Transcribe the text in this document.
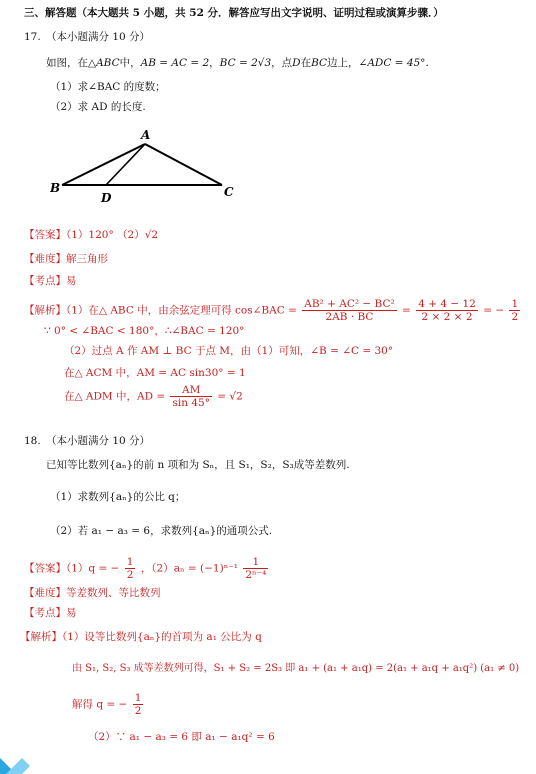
三、解答题（本大题共 5 小题，共 52 分．解答应写出文字说明、证明过程或演算步骤．）
17. （本小题满分 10 分）
如图，在△ABC中，AB = AC = 2，BC = 2√3，点D在BC边上，∠ADC = 45°．
（1）求∠BAC 的度数；
（2）求 AD 的长度.
A
B	C
D
【答案】（1）120° （2）√2
【难度】解三角形
【考点】易
【解析】（1）在△ ABC 中，由余弦定理可得 cos∠BAC = $\frac{\text{AB² + AC² − BC²}}{2AB \cdot BC} = \frac{4 + 4 - 12}{2 \times 2 \times 2}$ = − $\frac{1}{2}$
∵ 0° < ∠BAC < 180°，∴∠BAC = 120°
（2）过点 A 作 AM ⊥ BC 于点 M，由（1）可知，∠B = ∠C = 30°
在△ ACM 中，AM = AC sin30° = 1
在△ ADM 中，AD = $\frac{AM}{\sin 45^\circ} = √2$
18. （本小题满分 10 分）
已知等比数列{aₙ}的前 n 项和为 Sₙ，且 S₁，S₂，S₃成等差数列.
（1）求数列{aₙ}的公比 q；
（2）若 a₁ − a₃ = 6，求数列{aₙ}的通项公式.
【答案】（1）q = − $\frac{1}{2}$ ，$(2)a_n = (-1)^{n-1} \frac{1}{\text{2ⁿ⁻⁴}}$
【难度】等差数列、等比数列
【考点】易
【解析】（1）设等比数列{aₙ}的首项为 a₁ 公比为 q
由 S₁, S₂, S₃ 成等差数列可得，S₁ + S₂ = 2S₃ 即 a₁ + (a₁ + a₁q) = 2(a₁ + a₁q + a₁q²) (a₁ ≠ 0)
解得 q = − $\frac{1}{2}$
（2）∵ a₁ − a₃ = 6 即 a₁ − a₁q² = 6
